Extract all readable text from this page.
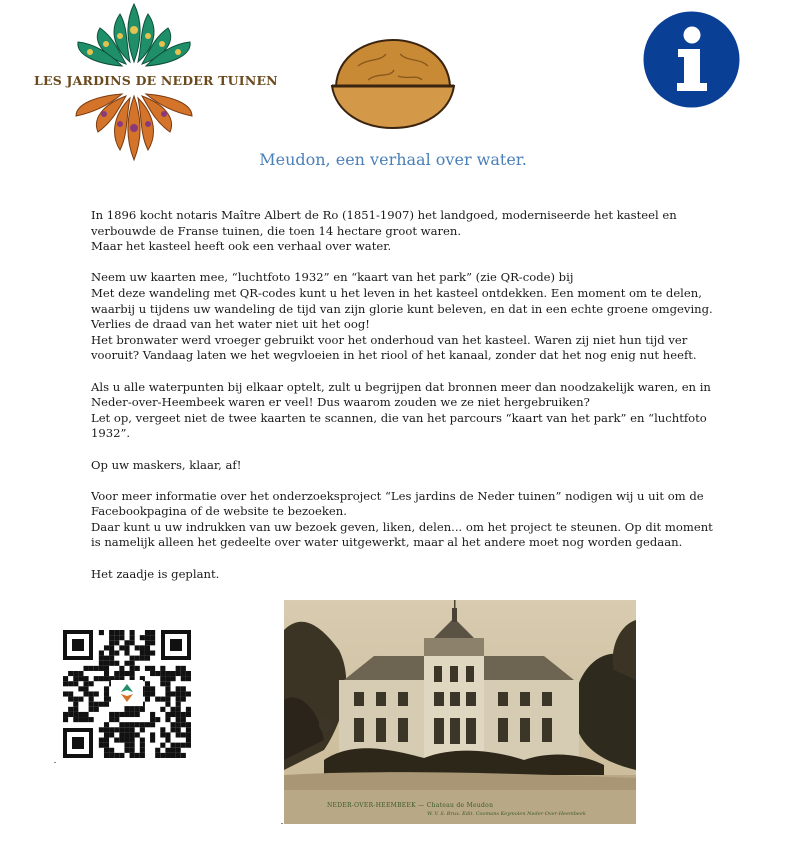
LES JARDINS DE NEDER TUINEN
Meudon, een verhaal over water.

In 1896 kocht notaris Maître Albert de Ro (1851-1907) het landgoed, moderniseerde het kasteel en
verbouwde de Franse tuinen, die toen 14 hectare groot waren.
Maar het kasteel heeft ook een verhaal over water.

Neem uw kaarten mee, “luchtfoto 1932” en “kaart van het park” (zie QR-code) bij
Met deze wandeling met QR-codes kunt u het leven in het kasteel ontdekken. Een moment om te delen,
waarbij u tijdens uw wandeling de tijd van zijn glorie kunt beleven, en dat in een echte groene omgeving.
Verlies de draad van het water niet uit het oog!
Het bronwater werd vroeger gebruikt voor het onderhoud van het kasteel. Waren zij niet hun tijd ver
vooruit? Vandaag laten we het wegvloeien in het riool of het kanaal, zonder dat het nog enig nut heeft.

Als u alle waterpunten bij elkaar optelt, zult u begrijpen dat bronnen meer dan noodzakelijk waren, en in
Neder-over-Heembeek waren er veel! Dus waarom zouden we ze niet hergebruiken?
Let op, vergeet niet de twee kaarten te scannen, die van het parcours “kaart van het park” en “luchtfoto
1932”.

Op uw maskers, klaar, af!

Voor meer informatie over het onderzoeksproject “Les jardins de Neder tuinen” nodigen wij u uit om de
Facebookpagina of de website te bezoeken.
Daar kunt u uw indrukken van uw bezoek geven, liken, delen... om het project te steunen. Op dit moment
is namelijk alleen het gedeelte over water uitgewerkt, maar al het andere moet nog worden gedaan.

Het zaadje is geplant.

NEDER-OVER-HEEMBEEK — Chateau de Meudon
W. V. S. Brux. Edit. Coomans Keymolen Neder-Over-Heembeek
